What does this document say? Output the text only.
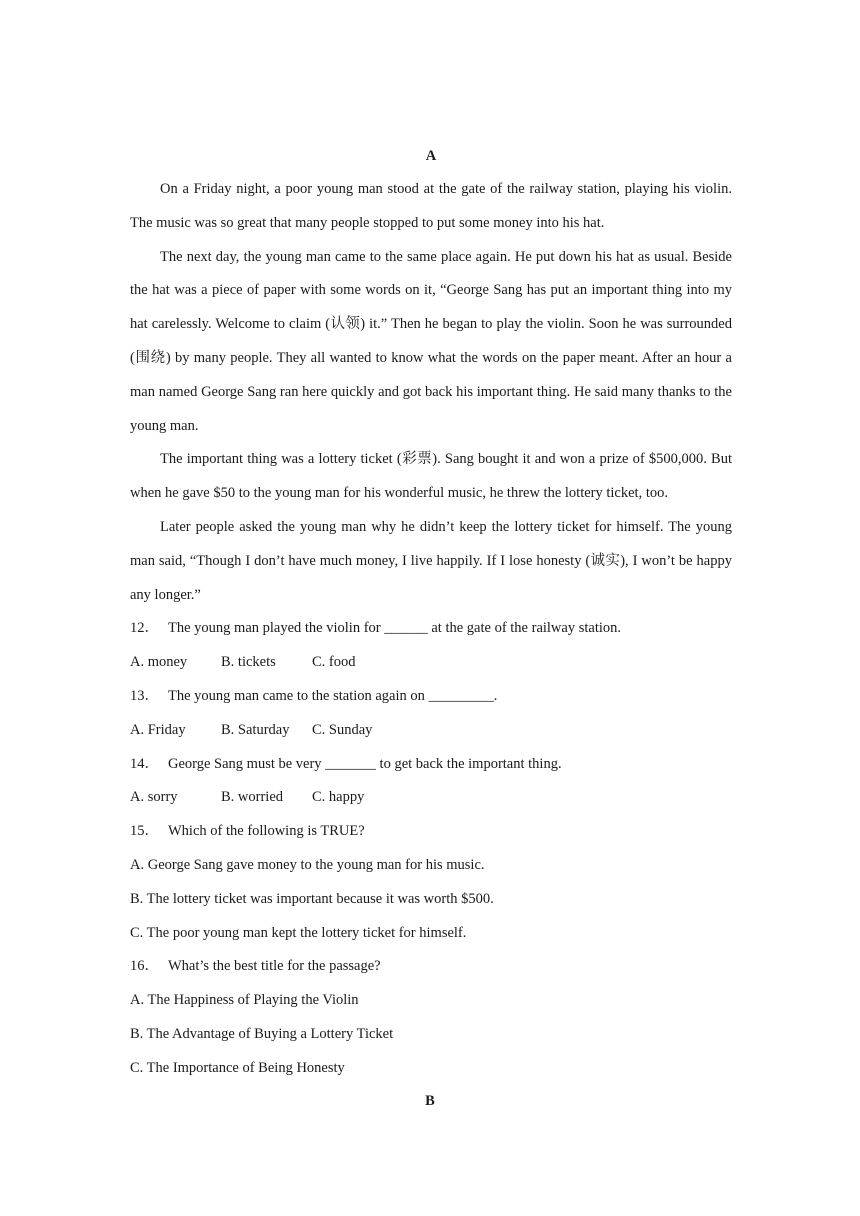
A

On a Friday night, a poor young man stood at the gate of the railway station, playing his violin. The music was so great that many people stopped to put some money into his hat.

The next day, the young man came to the same place again. He put down his hat as usual. Beside the hat was a piece of paper with some words on it, “George Sang has put an important thing into my hat carelessly. Welcome to claim (认领) it.” Then he began to play the violin. Soon he was surrounded (围绕) by many people. They all wanted to know what the words on the paper meant. After an hour a man named George Sang ran here quickly and got back his important thing. He said many thanks to the young man.

The important thing was a lottery ticket (彩票). Sang bought it and won a prize of $500,000. But when he gave $50 to the young man for his wonderful music, he threw the lottery ticket, too.

Later people asked the young man why he didn’t keep the lottery ticket for himself. The young man said, “Though I don’t have much money, I live happily. If I lose honesty (诚实), I won’t be happy any longer.”

12． The young man played the violin for ______ at the gate of the railway station.
A. money B. tickets C. food
13． The young man came to the station again on _________.
A. Friday B. Saturday C. Sunday
14． George Sang must be very _______ to get back the important thing.
A. sorry	B. worried C. happy
15． Which of the following is TRUE?
A. George Sang gave money to the young man for his music.
B. The lottery ticket was important because it was worth $500.
C. The poor young man kept the lottery ticket for himself.
16． What’s the best title for the passage?
A. The Happiness of Playing the Violin
B. The Advantage of Buying a Lottery Ticket
C. The Importance of Being Honesty
B
